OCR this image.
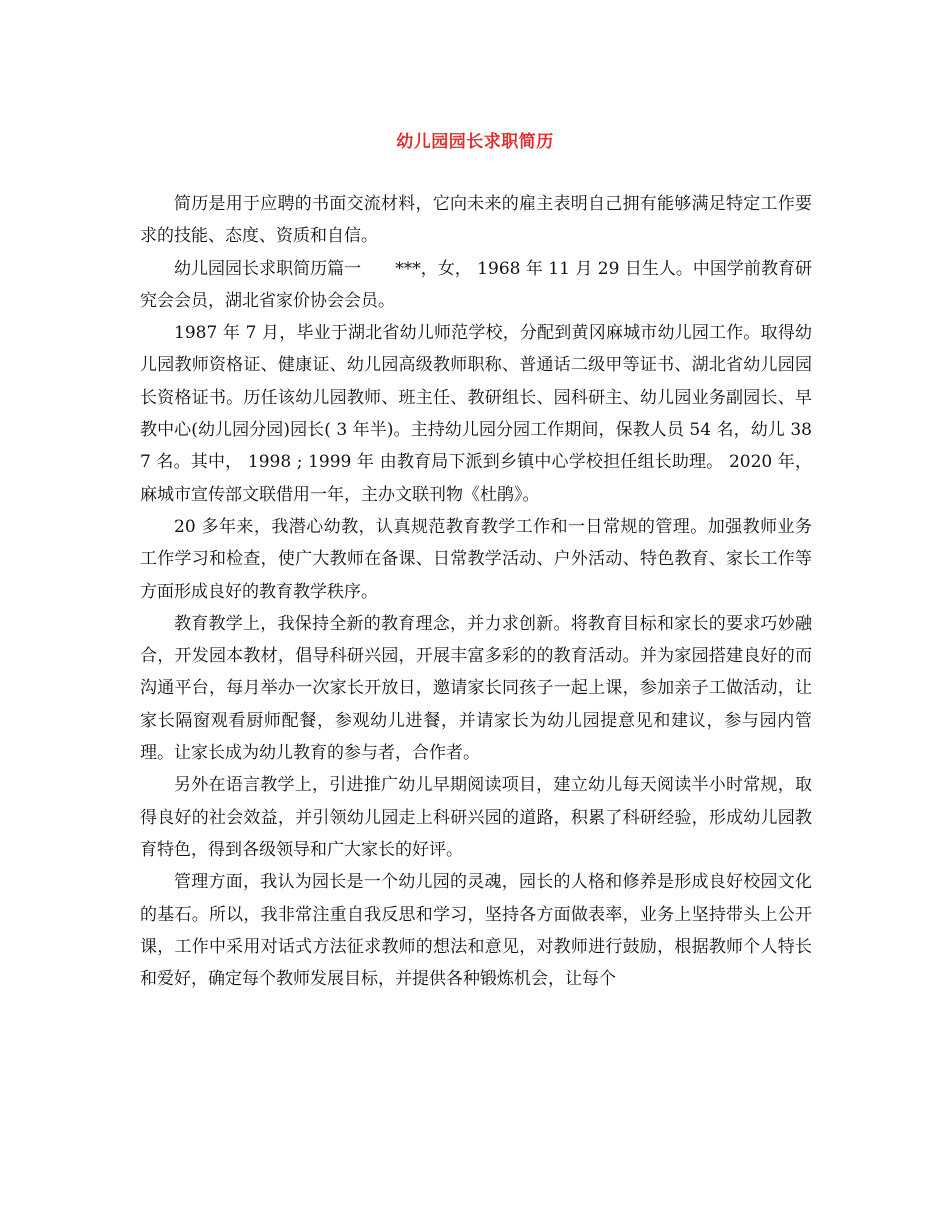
幼儿园园长求职简历

简历是用于应聘的书面交流材料，它向未来的雇主表明自己拥有能够满足特定工作要求的技能、态度、资质和自信。

幼儿园园长求职简历篇一　　***，女， 1968 年 11 月 29 日生人。中国学前教育研究会会员，湖北省家价协会会员。

1987 年 7 月，毕业于湖北省幼儿师范学校，分配到黄冈麻城市幼儿园工作。取得幼儿园教师资格证、健康证、幼儿园高级教师职称、普通话二级甲等证书、湖北省幼儿园园长资格证书。历任该幼儿园教师、班主任、教研组长、园科研主、幼儿园业务副园长、早教中心(幼儿园分园)园长( 3 年半)。主持幼儿园分园工作期间，保教人员 54 名，幼儿 387 名。其中， 1998 ; 1999 年 由教育局下派到乡镇中心学校担任组长助理。 2020 年，麻城市宣传部文联借用一年，主办文联刊物《杜鹃》。

20 多年来，我潜心幼教，认真规范教育教学工作和一日常规的管理。加强教师业务工作学习和检查，使广大教师在备课、日常教学活动、户外活动、特色教育、家长工作等方面形成良好的教育教学秩序。

教育教学上，我保持全新的教育理念，并力求创新。将教育目标和家长的要求巧妙融合，开发园本教材，倡导科研兴园，开展丰富多彩的的教育活动。并为家园搭建良好的而沟通平台，每月举办一次家长开放日，邀请家长同孩子一起上课，参加亲子工做活动，让家长隔窗观看厨师配餐，参观幼儿进餐，并请家长为幼儿园提意见和建议，参与园内管理。让家长成为幼儿教育的参与者，合作者。

另外在语言教学上，引进推广幼儿早期阅读项目，建立幼儿每天阅读半小时常规，取得良好的社会效益，并引领幼儿园走上科研兴园的道路，积累了科研经验，形成幼儿园教育特色，得到各级领导和广大家长的好评。

管理方面，我认为园长是一个幼儿园的灵魂，园长的人格和修养是形成良好校园文化的基石。所以，我非常注重自我反思和学习，坚持各方面做表率，业务上坚持带头上公开课，工作中采用对话式方法征求教师的想法和意见，对教师进行鼓励，根据教师个人特长和爱好，确定每个教师发展目标，并提供各种锻炼机会，让每个
